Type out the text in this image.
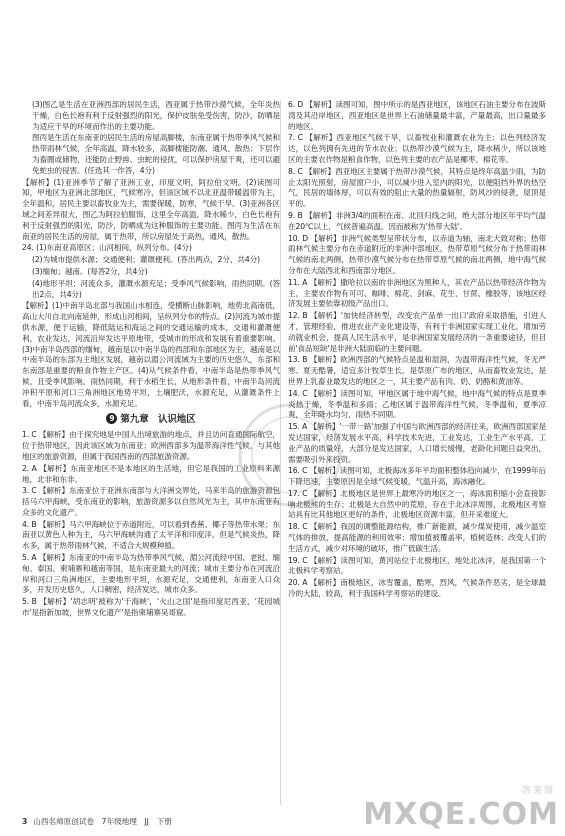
(3)图乙是生活在亚洲西部的居民生活，西亚属于热带沙漠气候，全年炎热干燥，白色长袍有利于反射强烈的阳光，保护皮肤免受伤害，防沙，防晒是为适应干旱的环境而作出的主要功能。

图丙是生活在东南亚的居民生活的房屋高脚楼，东南亚属于热带季风气候和热带雨林气候，全年高温，降水较多，高脚楼能防潮、通风、散热；下层作为畜圈或储物，还能防止野兽、虫蛇的侵扰，可以保护房屋干爽，还可以避免蛇虫的侵害。(任选其一作答，4分)

【解析】(1)亚洲季节了解了亚洲工业，印度文明，阿拉伯文明。(2)读图可知，甲地区为亚洲北部地区，气候寒冷，但该区域不以北亚温带暖温带为主，全年温和，居民主要以畜牧业为主，需要保暖，防寒，气候干旱。(3)亚洲各区域之间差异很大，图乙为阿拉伯服饰，这里全年高温，降水稀少，白色长袍有利于反射强烈的阳光，防沙，防晒成为这种服饰的主要功能。图丙为生活在东南亚的居民生活的房屋，属于热带，所以房屋处于高热，通风，散热。

24. (1)东南亚高原区；山河相间，纵列分布。(4分)

(2)为城市提供水源；交通便利；灌溉便利。(答出两点，2分，共4分)

(3)缅甸；越南。(每答2分，共4分)

(4)地形平坦；河流众多，灌溉水源充足；受季风气候影响，雨热同期。(答出2点，共4分)

【解析】(1)中南半岛北部与我国山水相连，受横断山脉影响，地势北高南低，高山大川自北向南延伸，形成山河相间，呈纵列分布的特点。(2)河流为城市提供水源，便于运输，降低陆运和海运之间的交通运输的成本，交通和灌溉便利，农业发达，河流沿岸发达平原地带，受城市的形成和发展有着重要影响。(3)中南半岛西部的缅甸，越南是以中南半岛的西部和东部地区为主，越南是以中南半岛的东部为主地区发展，越南以湄公河流域为主要的历史悠久，东部和东南部是重要的粮食作物主产区。(4)从气候条件看，中南半岛是热带季风气候，且受季风影响，雨热同期，利于水稻生长，从地形条件看，中南半岛河流冲积平原和河口三角洲地区地势平坦，土壤肥沃，水源充足，从灌溉条件上看，中南半岛河流众多，水源充足。

9 第九章　认识地区

1. C 【解析】由于探究地是中国人出境旅游的地点，并且访问直通国际航空，位于热带地区，因此该区域为东南亚；欧洲西部多为温带海洋性气候，与其他地区的旅游资源，但属于我国西南的西部旅游资源。

2. A 【解析】东南亚地区不是本地区的生活地，但它是我国的工业原料来源地，北非和东非。

3. C 【解析】东南亚位于亚洲东南部与大洋洲交界处，马来半岛的旅游资源包括马六甲海峡，受东南亚的影响，旅游资源多以自然风光为主，其中东南亚有众多的文化遗产。

4. B 【解析】马六甲海峡位于赤道附近，可以看到香蕉、椰子等热带水果；东南亚以黄色人种为主，马六甲海峡沟通了太平洋和印度洋，但是气候炎热，降水多，属于热带雨林气候，不适合大规模种植。

5. A 【解析】东南亚的中南半岛为热带季风气候，湄公河流经中国、老挝、缅甸、泰国、柬埔寨和越南等国，是东南亚最大的河流；城市主要分布在河流沿岸和河口三角洲地区，主要地形平坦，水源充足，交通便利，东南亚人口众多，开发历史悠久，人口稠密，经济发达，城市众多。

5. B 【解析】'胡志明'被称为'干海峡'，'火山之国'是指印度尼西亚，'花园城市'是指新加坡，世界文化遗产'是指柬埔寨吴哥窟。

6. D 【解析】读图可知，图中所示的是西亚地区，该地区石油主要分布在波斯湾及其沿岸地区，西亚地区是世界上石油储量最丰富，产量最高，出口量最多的地区。

7. C 【解析】西亚地区气候干旱，以畜牧业和灌溉农业为主；以色列经济发达，以色列拥有先进的节水农业；以热带沙漠气候为主，降水稀少，所以该地区的主要农作物是粮食作物，以色列主要的农产品是椰枣、棉花等。

8. C 【解析】西亚地区主要属于热带沙漠气候，其特点是终年高温少雨，为防止太阳光照射，房屋窗户小，可以减少进入室内的阳光，以便阻挡外界的热空气，民居的墙体厚，可以有效的阻止大量的热量辐射，防风沙的侵袭，屋顶是平的。

9. B 【解析】非洲3/4的面积在南、北回归线之间，绝大部分地区年平均气温在20℃以上，气候普遍高温，因而被称为'热带大陆'。

10. D 【解析】非洲气候类型呈带状分布，以赤道为轴，南北大致对称；热带雨林气候主要分布在赤道附近的非洲中部地区，热带草原气候分布于热带雨林气候的南北两侧，热带沙漠气候分布在热带草原气候的南北两侧，地中海气候分布在大陆西北和西南部分地区。

11. A 【解析】撒哈拉以南的非洲地区为黑种人，其农产品以热带经济作物为主，主要农作物有可可、咖啡、棉花、剑麻、花生、甘蔗、橡胶等，该地区经济发展主要依靠初级产品出口。

12. B 【解析】'加快经济转型，改变农产品单一出口'政府采取措施，引进人才，管理经验，推进农业产业化建设等，有利于非洲国家实现工业化，增加劳动就业机会，提高人民生活水平，是非洲国家发展经济的一条重要途径，但目前'食品短缺'是非洲大陆面临的主要问题。

13. B 【解析】欧洲西部的气候特点是温和湿润，为温带海洋性气候，冬无严寒、夏无酷暑，适宜多汁牧草生长，是草原广布的地区，从而畜牧业发达，是世界上乳畜业最发达的地区之一，其主要产品有肉、奶、奶酪和黄油等。

14. C 【解析】读图可知，甲地区属于地中海气候，地中海气候的特点是夏季炎热干燥，冬季温和多雨；乙地区属于温带海洋性气候，冬季温和，夏季凉爽，全年降水均匀，雨热不同期。

15. A 【解析】'一带一路'加强了中国与欧洲西部的经济往来，欧洲西部国家是发达国家，经济发展水平高，科学技术先进，工业发达，工业生产水平高，工业产品的质量好，大部分是发达国家，人口增长缓慢，老龄化问题日益突出，需要吸引外来投资。

16. C 【解析】读图可知，北极海冰多年平均面积整体趋向减少，在1999年后下降迅速，主要原因是全球气候变暖，气温升高，海冰融化。

17. C 【解析】北极地区是世界上最寒冷的地区之一，海冰面积缩小会直接影响北极熊的生存；北极是大自然中的荒原，存在于北冰洋周围，北极地区考察站具有比其他地区更好的条件，北极地区资源丰富，但开采难度大。

18. C 【解析】我国的调整能源结构，推广新能源，减少煤炭使用，减少温室气体的排放，提高能源的利用效率；增加植被覆盖率，植树造林；改变人们的生活方式，减少对环境的破坏，推广低碳生活。

19. C 【解析】读图可知，黄河站位于北极地区，地处北冰洋，是我国第一个北极科学考察站。

20. A 【解析】南极地区，冰雪覆盖，酷寒，烈风，气候条件恶劣，是全球最冷的大陆，较高，利于我国科学考察站的建设。

3 山西名师原创试卷　7年级地理　JJ　下册
答案圈
MXQE.COM
